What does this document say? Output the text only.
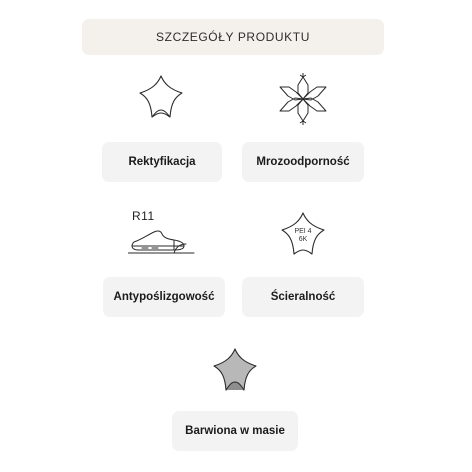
SZCZEGÓŁY PRODUKTU
Rektyfikacja	Mrozoodporność
R11
Antypoślizgowość
PEI 4
6K
Ścieralność
Barwiona w masie
